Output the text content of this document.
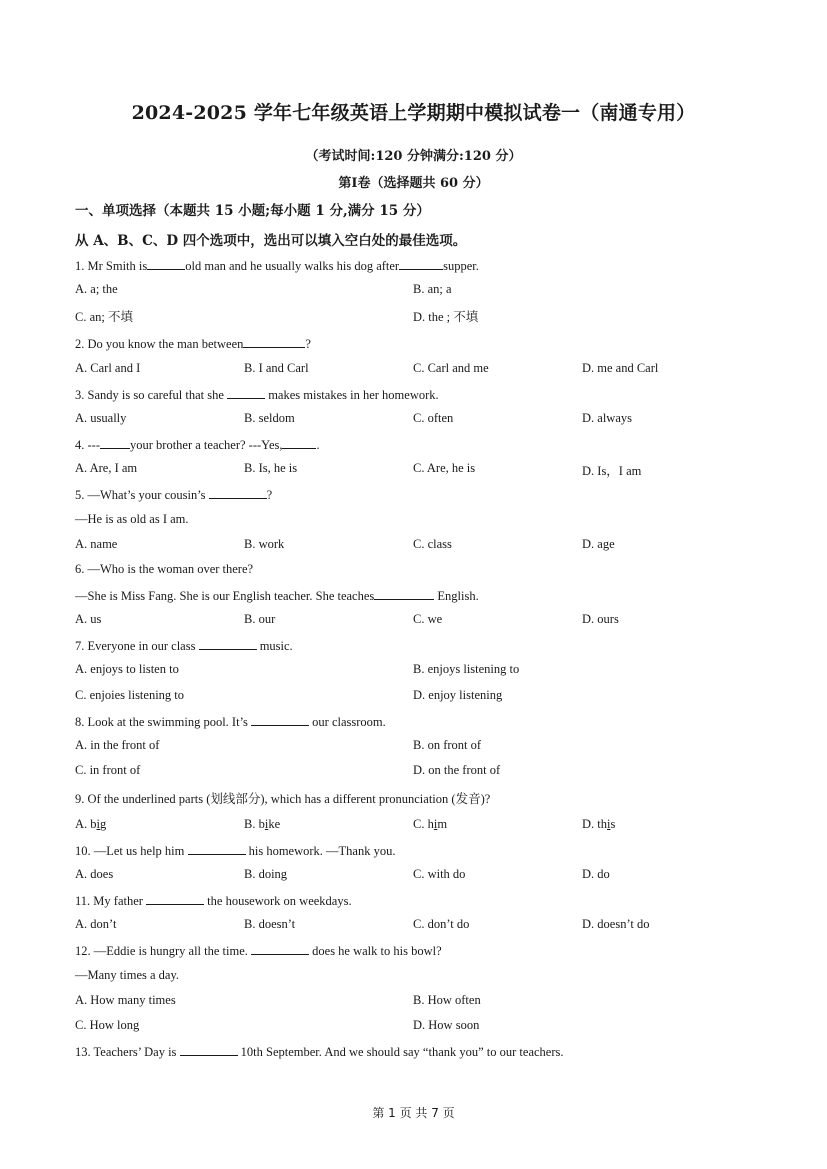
2024-2025 学年七年级英语上学期期中模拟试卷一（南通专用）
（考试时间:120 分钟满分:120 分）
第Ⅰ卷（选择题共 60 分）
一、单项选择（本题共 15 小题;每小题 1 分,满分 15 分）
从 A、B、C、D 四个选项中，选出可以填入空白处的最佳选项。
1. Mr Smith is	old man and he usually walks his dog after	supper.
A. a; the	B. an; a
C. an; 不填	D. the ; 不填
2. Do you know the man between	?
A. Carl and I	B. I and Carl	C. Carl and me	D. me and Carl
3. Sandy is so careful that she	makes mistakes in her homework.
A. usually	B. seldom	C. often	D. always
4. --- your brother a teacher? ---Yes,	.
A. Are, I am	B. Is, he is	C. Are, he is	D. Is，I am
5. —What’s your cousin’s	?
—He is as old as I am.
A. name	B. work	C. class	D. age
6. —Who is the woman over there?
—She is Miss Fang. She is our English teacher. She teaches	English.
A. us	B. our	C. we	D. ours
7. Everyone in our class	music.
A. enjoys to listen to	B. enjoys listening to
C. enjoies listening to	D. enjoy listening
8. Look at the swimming pool. It’s	our classroom.
A. in the front of	B. on front of
C. in front of	D. on the front of
9. Of the underlined parts (划线部分), which has a different pronunciation (发音)?
A. big	B. bike	C. him	D. this
10. —Let us help him	his homework. —Thank you.
A. does	B. doing	C. with do	D. do
11. My father	the housework on weekdays.
A. don’t	B. doesn’t	C. don’t do	D. doesn’t do
12. —Eddie is hungry all the time.	does he walk to his bowl?
—Many times a day.
A. How many times	B. How often
C. How long	D. How soon
13. Teachers’ Day is	10th September. And we should say “thank you” to our teachers.
第 1 页 共 7 页
